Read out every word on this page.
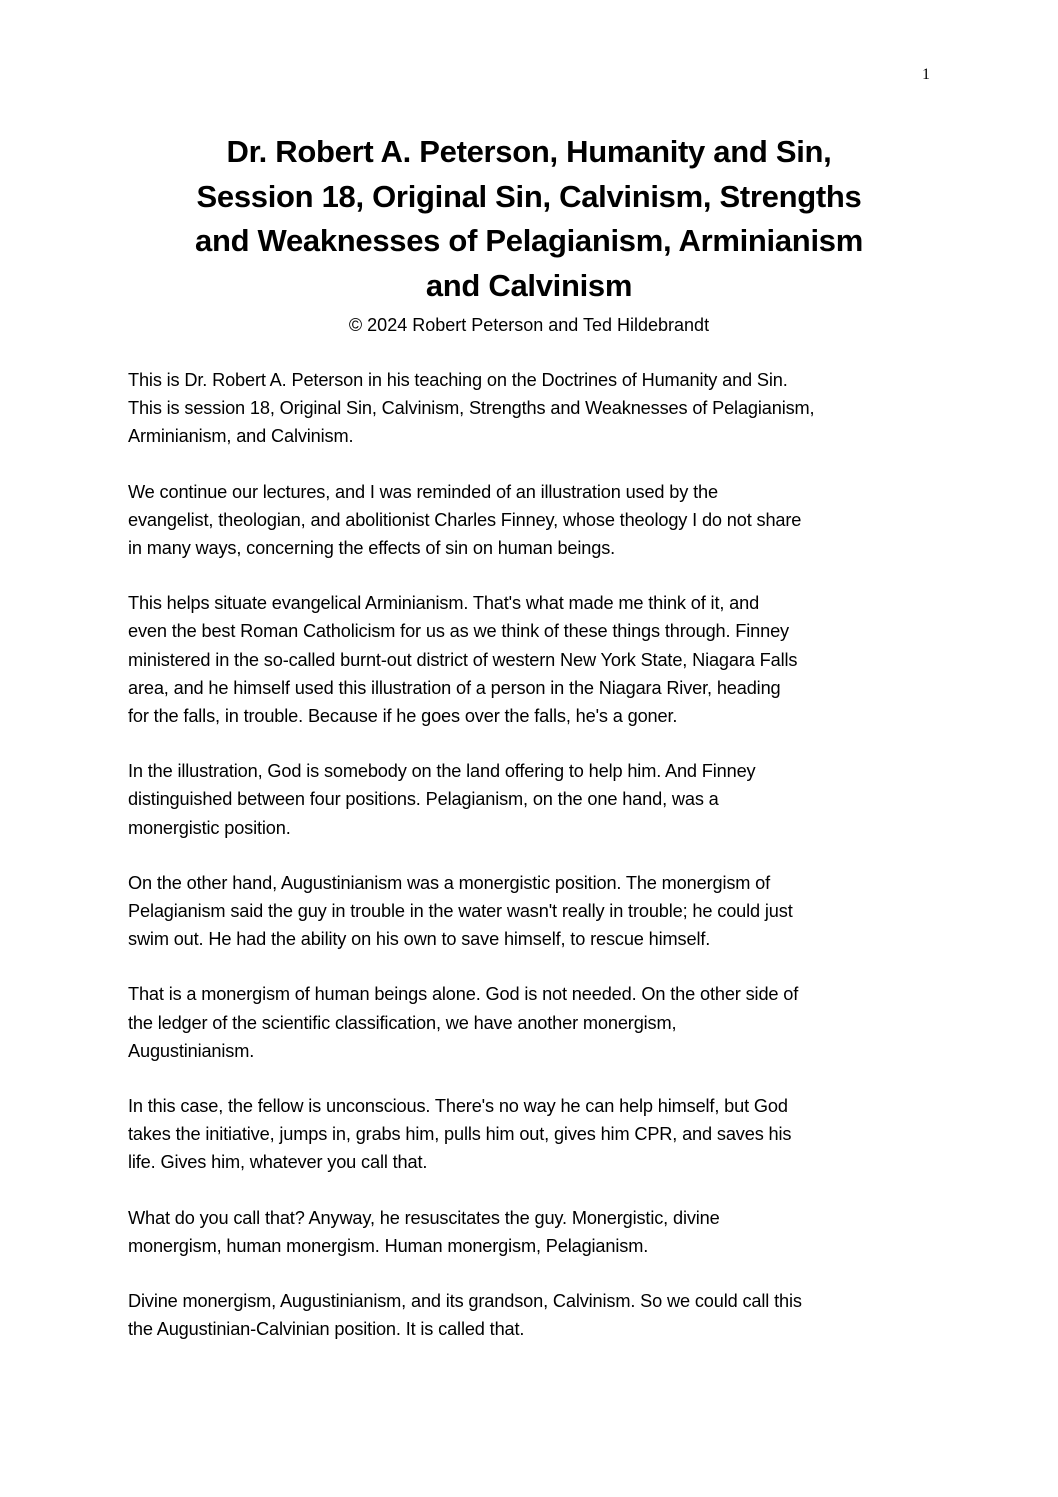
1
Dr. Robert A. Peterson, Humanity and Sin,
Session 18, Original Sin, Calvinism, Strengths
and Weaknesses of Pelagianism, Arminianism
and Calvinism
© 2024 Robert Peterson and Ted Hildebrandt

This is Dr. Robert A. Peterson in his teaching on the Doctrines of Humanity and Sin.
This is session 18, Original Sin, Calvinism, Strengths and Weaknesses of Pelagianism,
Arminianism, and Calvinism.

We continue our lectures, and I was reminded of an illustration used by the
evangelist, theologian, and abolitionist Charles Finney, whose theology I do not share
in many ways, concerning the effects of sin on human beings.

This helps situate evangelical Arminianism. That's what made me think of it, and
even the best Roman Catholicism for us as we think of these things through. Finney
ministered in the so-called burnt-out district of western New York State, Niagara Falls
area, and he himself used this illustration of a person in the Niagara River, heading
for the falls, in trouble. Because if he goes over the falls, he's a goner.

In the illustration, God is somebody on the land offering to help him. And Finney
distinguished between four positions. Pelagianism, on the one hand, was a
monergistic position.

On the other hand, Augustinianism was a monergistic position. The monergism of
Pelagianism said the guy in trouble in the water wasn't really in trouble; he could just
swim out. He had the ability on his own to save himself, to rescue himself.

That is a monergism of human beings alone. God is not needed. On the other side of
the ledger of the scientific classification, we have another monergism,
Augustinianism.

In this case, the fellow is unconscious. There's no way he can help himself, but God
takes the initiative, jumps in, grabs him, pulls him out, gives him CPR, and saves his
life. Gives him, whatever you call that.

What do you call that? Anyway, he resuscitates the guy. Monergistic, divine
monergism, human monergism. Human monergism, Pelagianism.

Divine monergism, Augustinianism, and its grandson, Calvinism. So we could call this
the Augustinian-Calvinian position. It is called that.
